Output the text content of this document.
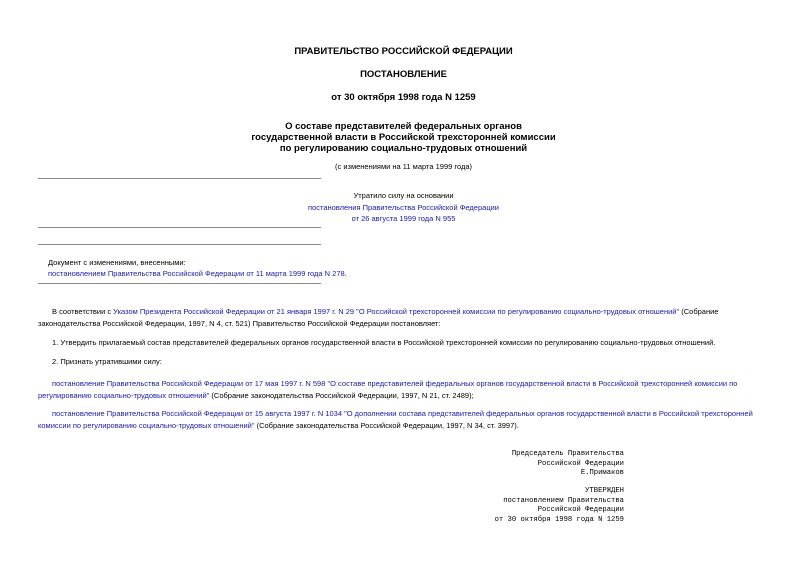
ПРАВИТЕЛЬСТВО РОССИЙСКОЙ ФЕДЕРАЦИИ
ПОСТАНОВЛЕНИЕ
от 30 октября 1998 года N 1259
О составе представителей федеральных органов
государственной власти в Российской трехсторонней комиссии
по регулированию социально-трудовых отношений
(с изменениями на 11 марта 1999 года)
Утратило силу на основании
постановления Правительства Российской Федерации
от 26 августа 1999 года N 955
Документ с изменениями, внесенными:
постановлением Правительства Российской Федерации от 11 марта 1999 года N 278.
В соответствии с Указом Президента Российской Федерации от 21 января 1997 г. N 29 "О Российской трехсторонней комиссии по регулированию социально-трудовых отношений" (Собрание законодательства Российской Федерации, 1997, N 4, ст. 521) Правительство Российской Федерации постановляет:
1. Утвердить прилагаемый состав представителей федеральных органов государственной власти в Российской трехсторонней комиссии по регулированию социально-трудовых отношений.
2. Признать утратившими силу:
постановление Правительства Российской Федерации от 17 мая 1997 г. N 598 "О составе представителей федеральных органов государственной власти в Российской трехсторонней комиссии по регулированию социально-трудовых отношений" (Собрание законодательства Российской Федерации, 1997, N 21, ст. 2489);
постановление Правительства Российской Федерации от 15 августа 1997 г. N 1034 "О дополнении состава представителей федеральных органов государственной власти в Российской трехсторонней комиссии по регулированию социально-трудовых отношений" (Собрание законодательства Российской Федерации, 1997, N 34, ст. 3997).
Председатель Правительства
Российской Федерации
Е.Примаков
УТВЕРЖДЕН
постановлением Правительства
Российской Федерации
от 30 октября 1998 года N 1259
